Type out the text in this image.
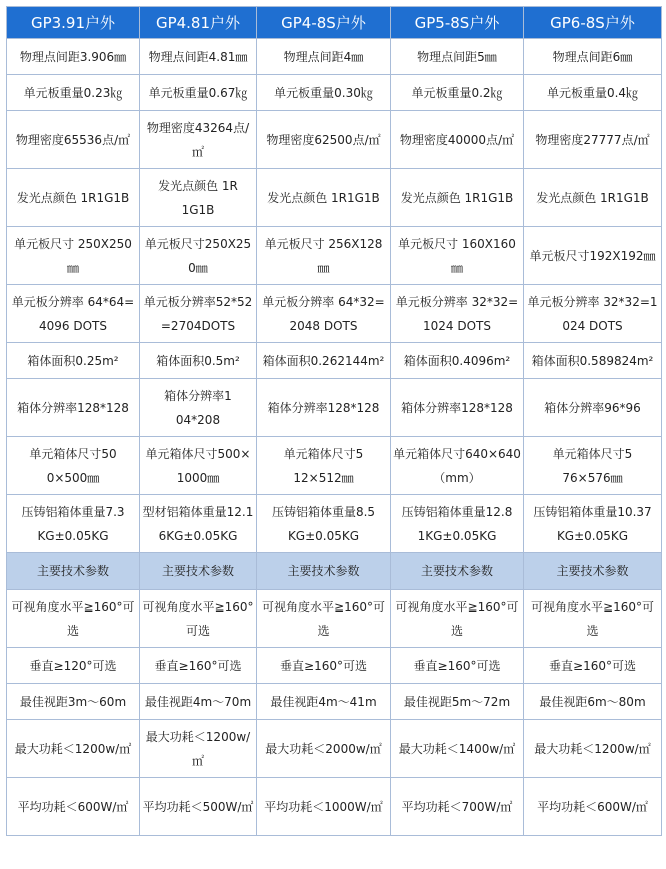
GP3.91户外	GP4.81户外	GP4-8S户外	GP5-8S户外	GP6-8S户外
物理点间距3.906㎜	物理点间距4.81㎜	物理点间距4㎜	物理点间距5㎜	物理点间距6㎜
单元板重量0.23㎏	单元板重量0.67㎏	单元板重量0.30㎏	单元板重量0.2㎏	单元板重量0.4㎏
物理密度65536点/㎡	物理密度43264点/㎡	物理密度62500点/㎡	物理密度40000点/㎡	物理密度27777点/㎡
发光点颜色 1R1G1B	发光点颜色 1R1G1B	发光点颜色 1R1G1B	发光点颜色 1R1G1B	发光点颜色 1R1G1B
单元板尺寸 250X250㎜	单元板尺寸250X250㎜	单元板尺寸 256X128㎜	单元板尺寸 160X160㎜	单元板尺寸192X192㎜
单元板分辨率 64*64=4096 DOTS	单元板分辨率52*52=2704DOTS	单元板分辨率 64*32=2048 DOTS	单元板分辨率 32*32=1024 DOTS	单元板分辨率 32*32=1024 DOTS
箱体面积0.25m²	箱体面积0.5m²	箱体面积0.262144m²	箱体面积0.4096m²	箱体面积0.589824m²
箱体分辨率128*128	箱体分辨率104*208	箱体分辨率128*128	箱体分辨率128*128	箱体分辨率96*96
单元箱体尺寸500×500㎜	单元箱体尺寸500×1000㎜	单元箱体尺寸512×512㎜	单元箱体尺寸640×640（mm）	单元箱体尺寸576×576㎜
压铸铝箱体重量7.3KG±0.05KG	型材铝箱体重量12.16KG±0.05KG	压铸铝箱体重量8.5KG±0.05KG	压铸铝箱体重量12.81KG±0.05KG	压铸铝箱体重量10.37KG±0.05KG
主要技术参数	主要技术参数	主要技术参数	主要技术参数	主要技术参数
可视角度水平≧160°可选	可视角度水平≧160°可选	可视角度水平≧160°可选	可视角度水平≧160°可选	可视角度水平≧160°可选
垂直≥120°可选	垂直≥160°可选	垂直≥160°可选	垂直≥160°可选	垂直≥160°可选
最佳视距3m～60m	最佳视距4m～70m	最佳视距4m～41m	最佳视距5m～72m	最佳视距6m～80m
最大功耗＜1200w/㎡	最大功耗＜1200w/㎡	最大功耗＜2000w/㎡	最大功耗＜1400w/㎡	最大功耗＜1200w/㎡
平均功耗＜600W/㎡	平均功耗＜500W/㎡	平均功耗＜1000W/㎡	平均功耗＜700W/㎡	平均功耗＜600W/㎡
